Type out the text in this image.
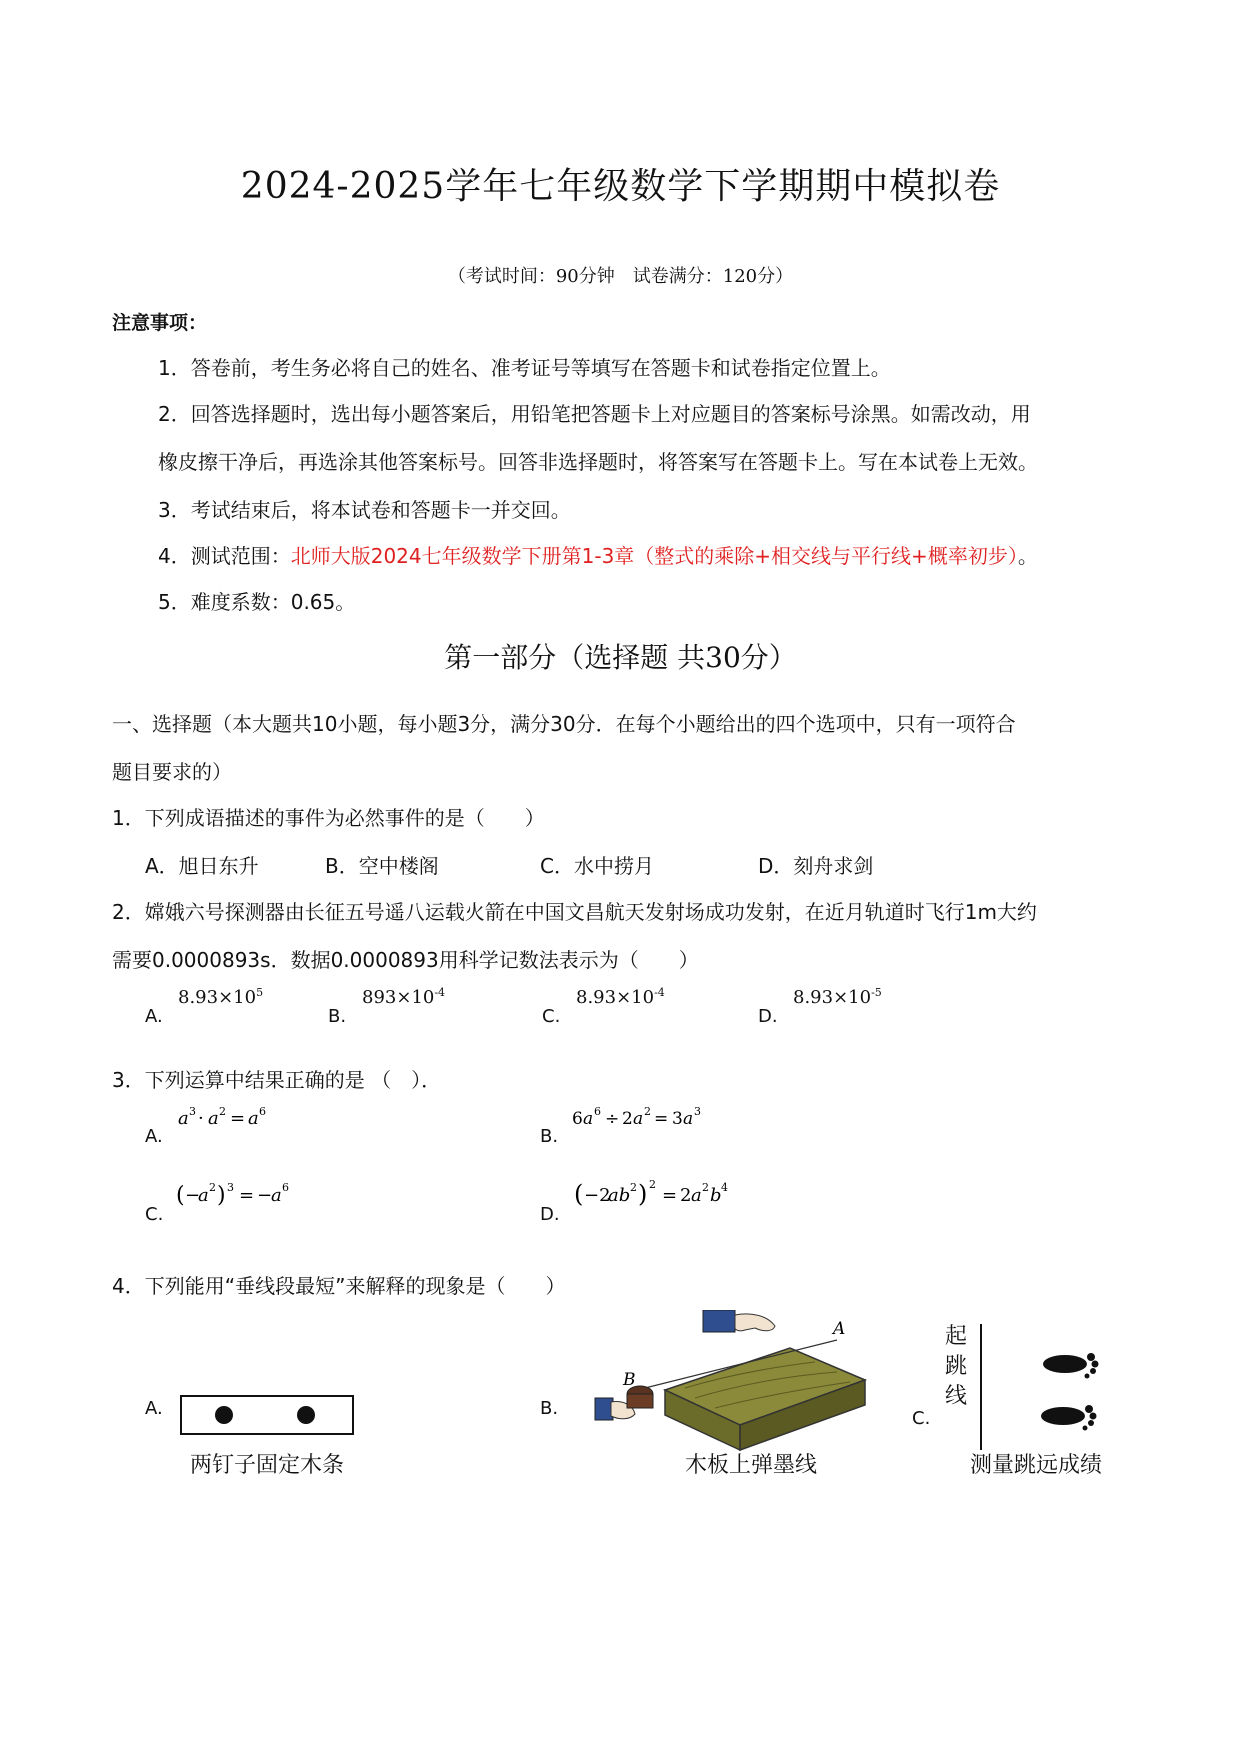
2024-2025学年七年级数学下学期期中模拟卷
（考试时间：90分钟　试卷满分：120分）
注意事项：
1．答卷前，考生务必将自己的姓名、准考证号等填写在答题卡和试卷指定位置上。
2．回答选择题时，选出每小题答案后，用铅笔把答题卡上对应题目的答案标号涂黑。如需改动，用
橡皮擦干净后，再选涂其他答案标号。回答非选择题时，将答案写在答题卡上。写在本试卷上无效。
3．考试结束后，将本试卷和答题卡一并交回。
4．测试范围：北师大版2024七年级数学下册第1-3章（整式的乘除+相交线与平行线+概率初步）。
5．难度系数：0.65。
第一部分（选择题 共30分）
一、选择题（本大题共10小题，每小题3分，满分30分．在每个小题给出的四个选项中，只有一项符合
题目要求的）
1．下列成语描述的事件为必然事件的是（　　）
A．旭日东升	B．空中楼阁	C．水中捞月	D．刻舟求剑
2．嫦娥六号探测器由长征五号遥八运载火箭在中国文昌航天发射场成功发射，在近月轨道时飞行1m大约
需要0.0000893s．数据0.0000893用科学记数法表示为（　　）
A.
$8.93\times 10^5$
B.
$893\times 10^{-4}$
C.
$8.93\times 10^{-4}$
D.
$8.93\times 10^{-5}$
3．下列运算中结果正确的是 （　）．
A.
a 3 · a 2 = a 6
B.
6 a 6 ÷ 2 a 2 = 3 a 3
C.
( −
a 2 ) 3 = −
a 6
D.
( −2
ab 2 ) 2
= 2 a 2 b 4
4．下列能用“垂线段最短”来解释的现象是（　　）
A.
两钉子固定木条
B.
B
A
木板上弹墨线
C.
起
跳
线
测量跳远成绩
